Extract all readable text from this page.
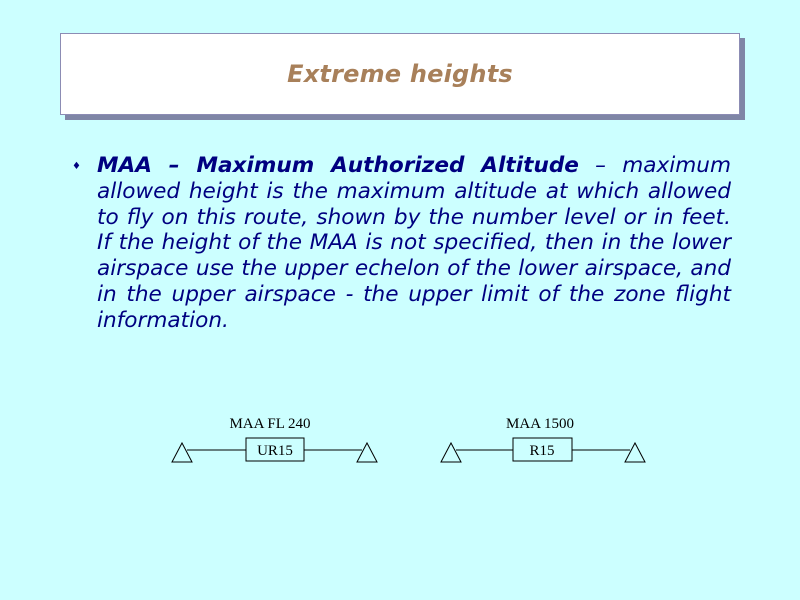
Extreme heights
♦ MAA – Maximum Authorized Altitude – maximum allowed height is the maximum altitude at which allowed to fly on this route, shown by the number level or in feet. If the height of the MAA is not specified, then in the lower airspace use the upper echelon of the lower airspace, and in the upper airspace - the upper limit of the zone flight information.
MAA FL 240
UR15
MAA 1500
R15
